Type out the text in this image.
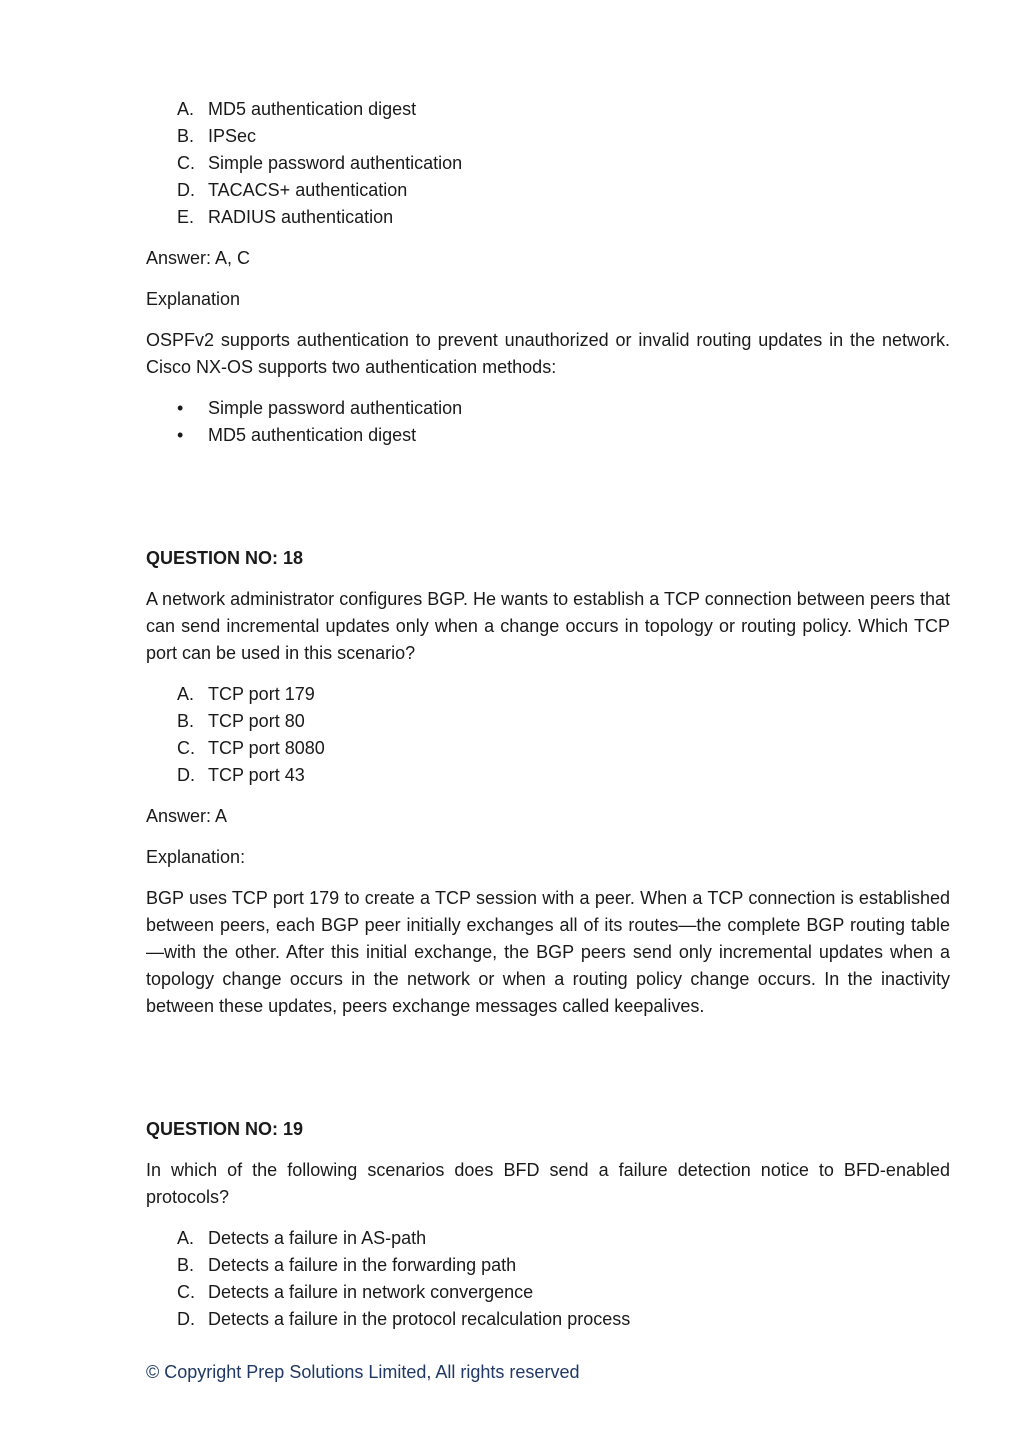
A. MD5 authentication digest
B. IPSec
C. Simple password authentication
D. TACACS+ authentication
E. RADIUS authentication

Answer: A, C

Explanation

OSPFv2 supports authentication to prevent unauthorized or invalid routing updates in the network. Cisco NX-OS supports two authentication methods:

•	Simple password authentication
•	MD5 authentication digest

QUESTION NO: 18

A network administrator configures BGP. He wants to establish a TCP connection between peers that can send incremental updates only when a change occurs in topology or routing policy. Which TCP port can be used in this scenario?

A. TCP port 179
B. TCP port 80
C. TCP port 8080
D. TCP port 43

Answer: A

Explanation:

BGP uses TCP port 179 to create a TCP session with a peer. When a TCP connection is established between peers, each BGP peer initially exchanges all of its routes—the complete BGP routing table—with the other. After this initial exchange, the BGP peers send only incremental updates when a topology change occurs in the network or when a routing policy change occurs. In the inactivity between these updates, peers exchange messages called keepalives.

QUESTION NO: 19

In which of the following scenarios does BFD send a failure detection notice to BFD-enabled protocols?

A. Detects a failure in AS-path
B. Detects a failure in the forwarding path
C. Detects a failure in network convergence
D. Detects a failure in the protocol recalculation process
© Copyright Prep Solutions Limited, All rights reserved
